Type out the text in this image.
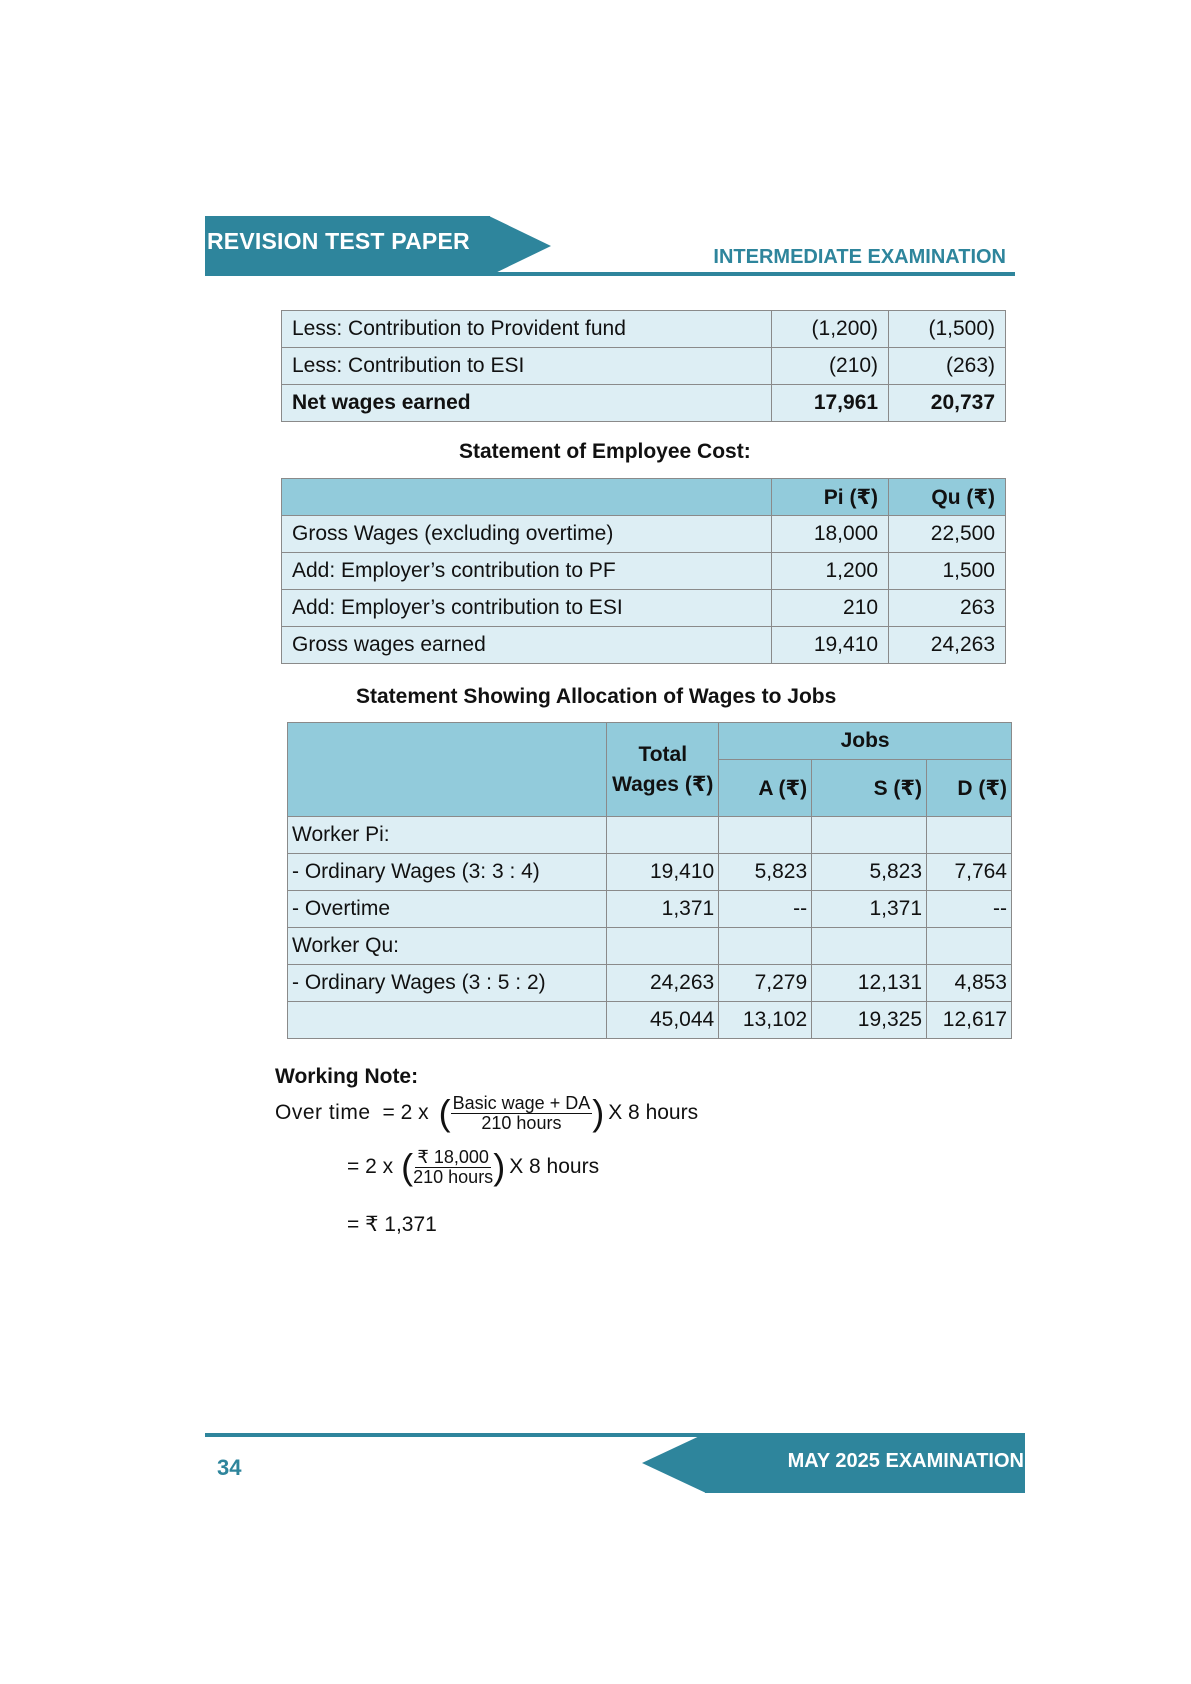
REVISION TEST PAPER
INTERMEDIATE EXAMINATION
Less: Contribution to Provident fund	(1,200)	(1,500)
Less: Contribution to ESI	(210)	(263)
Net wages earned	17,961	20,737
Statement of Employee Cost:
	Pi (₹)	Qu (₹)
Gross Wages (excluding overtime)	18,000	22,500
Add: Employer’s contribution to PF	1,200	1,500
Add: Employer’s contribution to ESI	210	263
Gross wages earned	19,410	24,263
Statement Showing Allocation of Wages to Jobs
	Total Wages (₹)	Jobs		
		A (₹)	S (₹)	D (₹)
Worker Pi:				
- Ordinary Wages (3: 3 : 4)	19,410	5,823	5,823	7,764
- Overtime	1,371	--	1,371	--
Worker Qu:				
- Ordinary Wages (3 : 5 : 2)	24,263	7,279	12,131	4,853
	45,044	13,102	19,325	12,617
Working Note:
Over time = 2 x ( $\frac{\text{Basic wage + DA}}{\text{210 hours}}$ ) X 8 hours
= 2 x ( $\frac{₹ 18,000}{\text{210 hours}}$ ) X 8 hours
= ₹ 1,371
MAY 2025 EXAMINATION
34
